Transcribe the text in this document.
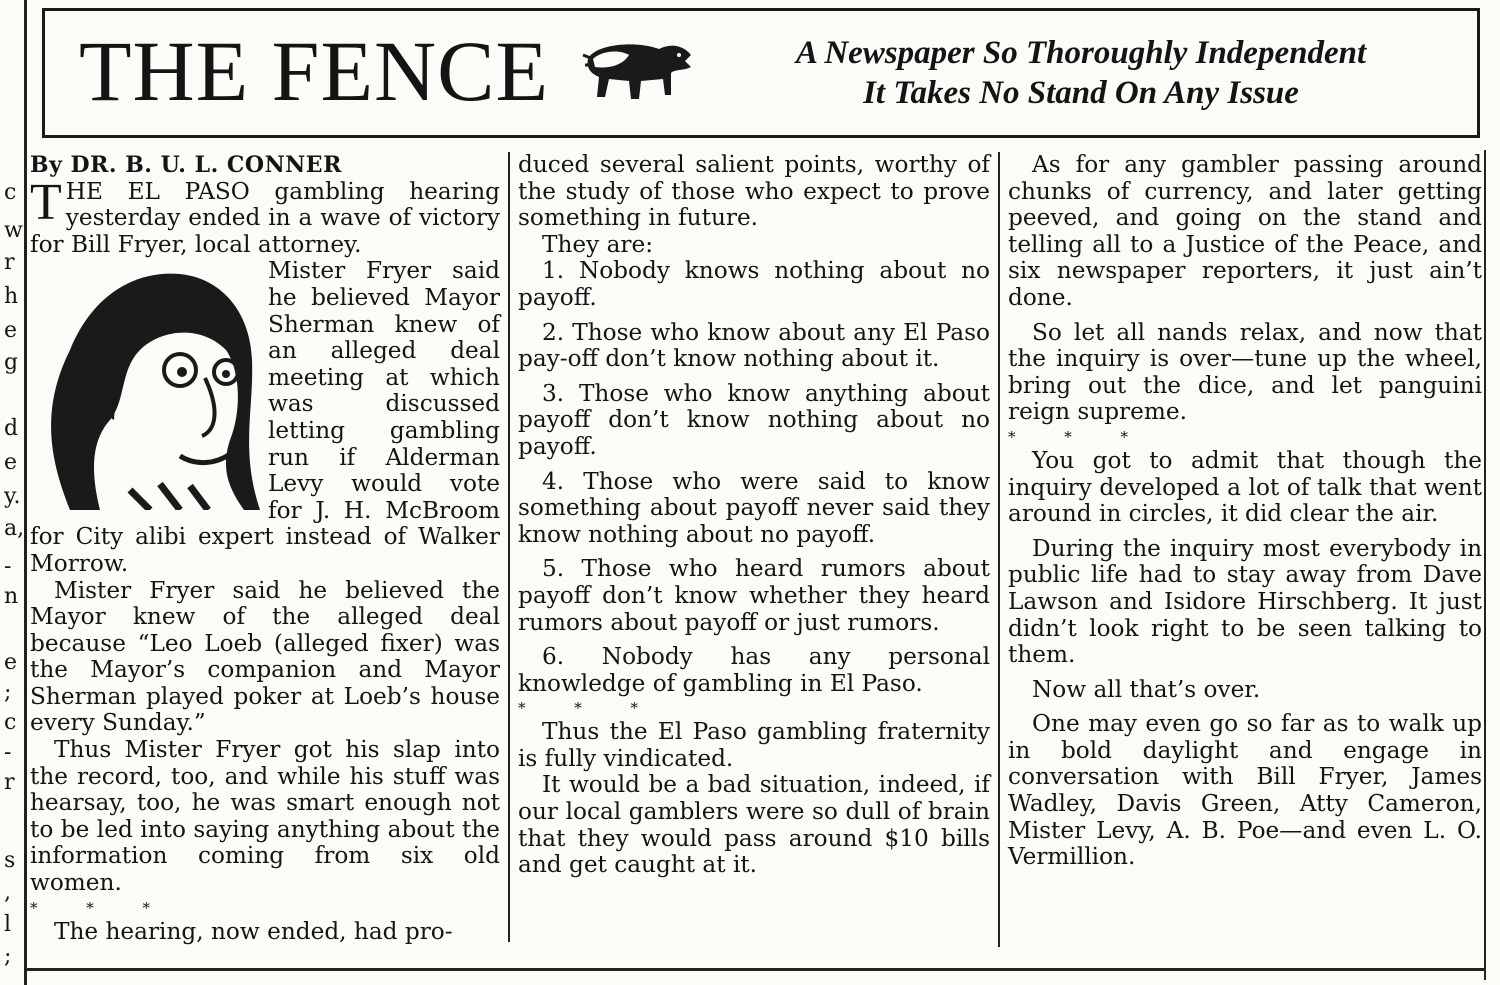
c
w
r
h
e
g
d
e
y.
a,
-
n
e
;
c
-
r
s
,
l
;
THE FENCE	A Newspaper So Thoroughly Independent
It Takes No Stand On Any Issue

By DR. B. U. L. CONNER

THE EL PASO gambling hearing yesterday ended in a wave of victory for Bill Fryer, local attorney.

Mister Fryer said he believed Mayor Sherman knew of an alleged deal meeting at which was discussed letting gambling run if Alderman Levy would vote for J. H. McBroom for City alibi expert instead of Walker Morrow.

Mister Fryer said he believed the Mayor knew of the alleged deal because “Leo Loeb (alleged fixer) was the Mayor’s companion and Mayor Sherman played poker at Loeb’s house every Sunday.”

Thus Mister Fryer got his slap into the record, too, and while his stuff was hearsay, too, he was smart enough not to be led into saying anything about the information coming from six old women.

* * *

The hearing, now ended, had pro-

duced several salient points, worthy of the study of those who expect to prove something in future.

They are:

1. Nobody knows nothing about no payoff.

2. Those who know about any El Paso pay-off don’t know nothing about it.

3. Those who know anything about payoff don’t know nothing about no payoff.

4. Those who were said to know something about payoff never said they know nothing about no payoff.

5. Those who heard rumors about payoff don’t know whether they heard rumors about payoff or just rumors.

6. Nobody has any personal knowledge of gambling in El Paso.

* * *

Thus the El Paso gambling fraternity is fully vindicated.

It would be a bad situation, indeed, if our local gamblers were so dull of brain that they would pass around $10 bills and get caught at it.

As for any gambler passing around chunks of currency, and later getting peeved, and going on the stand and telling all to a Justice of the Peace, and six newspaper reporters, it just ain’t done.

So let all nands relax, and now that the inquiry is over—tune up the wheel, bring out the dice, and let panguini reign supreme.

* * *

You got to admit that though the inquiry developed a lot of talk that went around in circles, it did clear the air.

During the inquiry most everybody in public life had to stay away from Dave Lawson and Isidore Hirschberg. It just didn’t look right to be seen talking to them.

Now all that’s over.

One may even go so far as to walk up in bold daylight and engage in conversation with Bill Fryer, James Wadley, Davis Green, Atty Cameron, Mister Levy, A. B. Poe—and even L. O. Vermillion.
